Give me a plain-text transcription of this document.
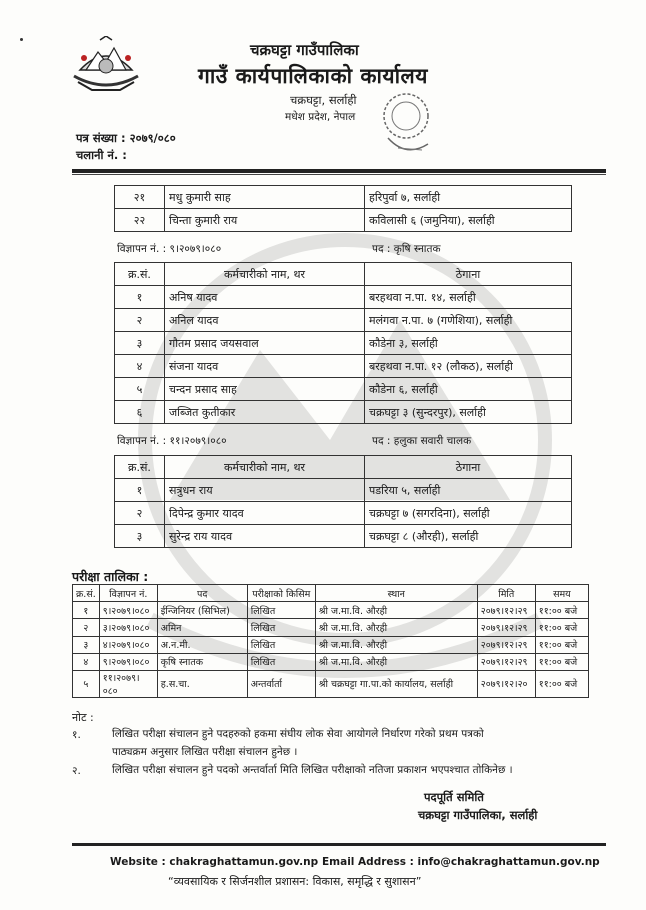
चक्रघट्टा गाउँपालिका
गाउँ कार्यपालिकाको कार्यालय
चक्रघट्टा, सर्लाही
मधेश प्रदेश, नेपाल
पत्र संख्या : २०७९/०८०
चलानी नं. :
२१	मधु कुमारी साह	हरिपुर्वा ७, सर्लाही
२२	चिन्ता कुमारी राय	कविलासी ६ (जमुनिया), सर्लाही
विज्ञापन नं. : ९।२०७९।०८०	पद : कृषि स्नातक
क्र.सं.	कर्मचारीको नाम, थर	ठेगाना
१	अनिष यादव	बरहथवा न.पा. १४, सर्लाही
२	अनिल यादव	मलंगवा न.पा. ७ (गणेशिया), सर्लाही
३	गौतम प्रसाद जयसवाल	कौडेना ३, सर्लाही
४	संजना यादव	बरहथवा न.पा. १२ (लौकठ), सर्लाही
५	चन्दन प्रसाद साह	कौडेना ६, सर्लाही
६	जब्जित कुतीकार	चक्रघट्टा ३ (सुन्दरपुर), सर्लाही
विज्ञापन नं. : ११।२०७९।०८०	पद : हलुका सवारी चालक
क्र.सं.	कर्मचारीको नाम, थर	ठेगाना
१	सत्रुधन राय	पडरिया ५, सर्लाही
२	दिपेन्द्र कुमार यादव	चक्रघट्टा ७ (सगरदिना), सर्लाही
३	सुरेन्द्र राय यादव	चक्रघट्टा ८ (औरही), सर्लाही
परीक्षा तालिका :
क्र.सं.	विज्ञापन नं.	पद	परीक्षाको किसिम	स्थान	मिति	समय
१	९।२०७९।०८०	ईन्जिनियर (सिभिल)	लिखित	श्री ज.मा.वि. औरही	२०७९।१२।२९	११:०० बजे
२	३।२०७९।०८०	अमिन	लिखित	श्री ज.मा.वि. औरही	२०७९।१२।२९	११:०० बजे
३	४।२०७९।०८०	अ.न.मी.	लिखित	श्री ज.मा.वि. औरही	२०७९।१२।२९	११:०० बजे
४	९।२०७९।०८०	कृषि स्नातक	लिखित	श्री ज.मा.वि. औरही	२०७९।१२।२९	११:०० बजे
५	११।२०७९।०८०	ह.स.चा.	अन्तर्वार्ता	श्री चक्रघट्टा गा.पा.को कार्यालय, सर्लाही	२०७९।१२।२०	११:०० बजे
नोट :
१.	लिखित परीक्षा संचालन हुने पदहरुको हकमा संघीय लोक सेवा आयोगले निर्धारण गरेको प्रथम पत्रको
पाठ्यक्रम अनुसार लिखित परीक्षा संचालन हुनेछ ।
२.	लिखित परीक्षा संचालन हुने पदको अन्तर्वार्ता मिति लिखित परीक्षाको नतिजा प्रकाशन भएपश्चात तोकिनेछ ।
पदपूर्ति समिति
चक्रघट्टा गाउँपालिका, सर्लाही
Website : chakraghattamun.gov.np Email Address : info@chakraghattamun.gov.np
“व्यवसायिक र सिर्जनशील प्रशासन: विकास, समृद्धि र सुशासन”
